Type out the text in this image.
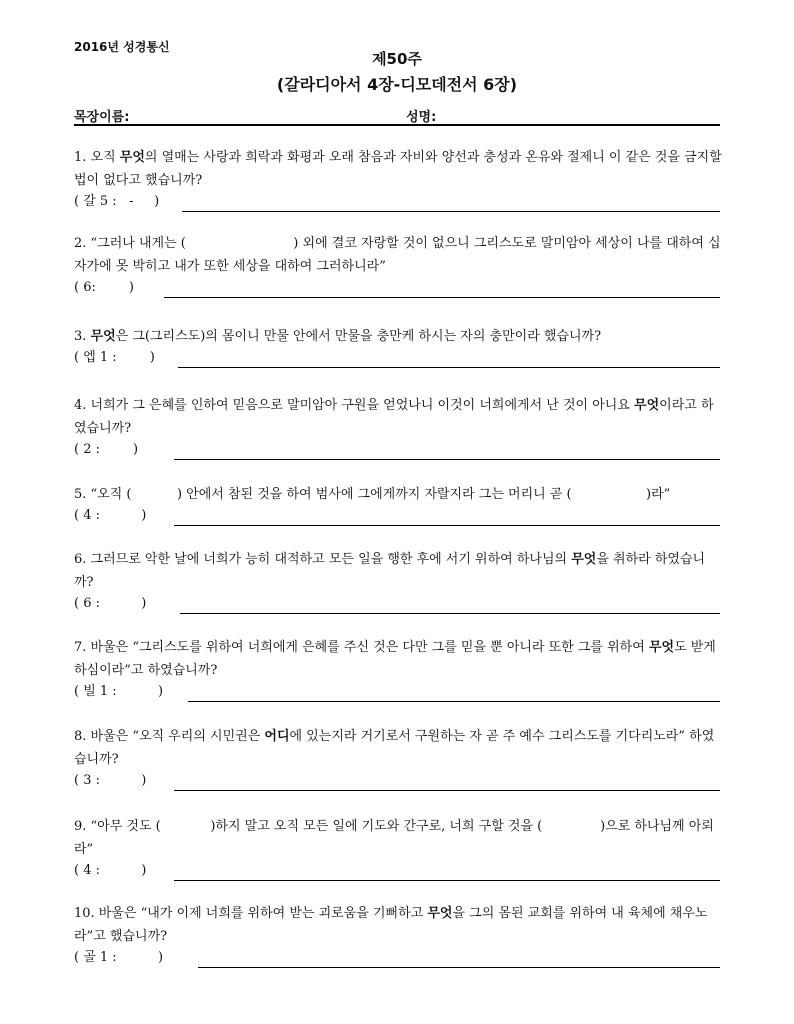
2016년 성경통신
제50주
(갈라디아서 4장-디모데전서 6장)
목장이름:	성명:
1. 오직 무엇의 열매는 사랑과 희락과 화평과 오래 참음과 자비와 양선과 충성과 온유와 절제니 이 같은 것을 금지할 법이 없다고 했습니까?
( 갈 5 :   -     )
2. “그러나 내게는 (                          ) 외에 결코 자랑할 것이 없으니 그리스도로 말미암아 세상이 나를 대하여 십자가에 못 박히고 내가 또한 세상을 대하여 그러하니라”
( 6:        )
3. 무엇은 그(그리스도)의 몸이니 만물 안에서 만물을 충만케 하시는 자의 충만이라 했습니까?
( 엡 1 :        )
4. 너희가 그 은혜를 인하여 믿음으로 말미암아 구원을 얻었나니 이것이 너희에게서 난 것이 아니요 무엇이라고 하였습니까?
( 2 :        )
5. “오직 (           ) 안에서 참된 것을 하여 범사에 그에게까지 자랄지라 그는 머리니 곧 (                  )라”
( 4 :          )
6. 그러므로 악한 날에 너희가 능히 대적하고 모든 일을 행한 후에 서기 위하여 하나님의 무엇을 취하라 하였습니까?
( 6 :          )
7. 바울은 “그리스도를 위하여 너희에게 은혜를 주신 것은 다만 그를 믿을 뿐 아니라 또한 그를 위하여 무엇도 받게 하심이라”고 하였습니까?
( 빌 1 :          )
8. 바울은 “오직 우리의 시민권은 어디에 있는지라 거기로서 구원하는 자 곧 주 예수 그리스도를 기다리노라” 하였습니까?
( 3 :          )
9. “아무 것도 (            )하지 말고 오직 모든 일에 기도와 간구로, 너희 구할 것을 (              )으로 하나님께 아뢰라”
( 4 :          )
10. 바울은 “내가 이제 너희를 위하여 받는 괴로움을 기뻐하고 무엇을 그의 몸된 교회를 위하여 내 육체에 채우노라”고 했습니까?
( 골 1 :          )
